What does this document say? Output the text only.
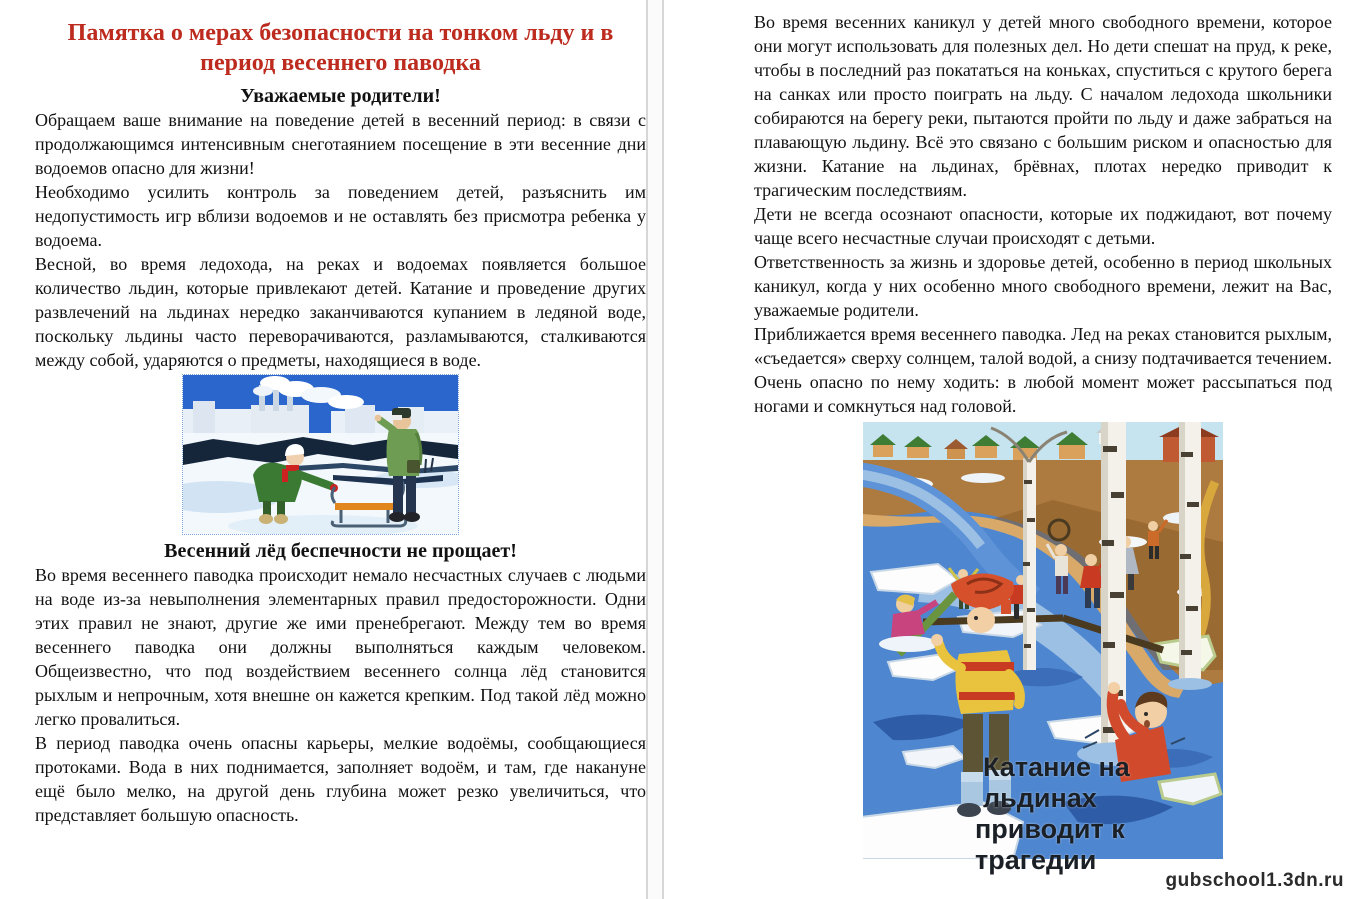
Памятка о мерах безопасности на тонком льду и в период весеннего паводка
Уважаемые родители!

Обращаем ваше внимание на поведение детей в весенний период: в связи с продолжающимся интенсивным снеготаянием посещение в эти весенние дни водоемов опасно для жизни!

Необходимо усилить контроль за поведением детей, разъяснить им недопустимость игр вблизи водоемов и не оставлять без присмотра ребенка у водоема.

Весной, во время ледохода, на реках и водоемах появляется большое количество льдин, которые привлекают детей. Катание и проведение других развлечений на льдинах нередко заканчиваются купанием в ледяной воде, поскольку льдины часто переворачиваются, разламываются, сталкиваются между собой, ударяются о предметы, находящиеся в воде.

Весенний лёд беспечности не прощает!

Во время весеннего паводка происходит немало несчастных случаев с людьми на воде из-за невыполнения элементарных правил предосторожности. Одни этих правил не знают, другие же ими пренебрегают. Между тем во время весеннего паводка они должны выполняться каждым человеком. Общеизвестно, что под воздействием весеннего солнца лёд становится рыхлым и непрочным, хотя внешне он кажется крепким. Под такой лёд можно легко провалиться.

В период паводка очень опасны карьеры, мелкие водоёмы, сообщающиеся протоками. Вода в них поднимается, заполняет водоём, и там, где накануне ещё было мелко, на другой день глубина может резко увеличиться, что представляет большую опасность.

Во время весенних каникул у детей много свободного времени, которое они могут использовать для полезных дел. Но дети спешат на пруд, к реке, чтобы в последний раз покататься на коньках, спуститься с крутого берега на санках или просто поиграть на льду. С началом ледохода школьники собираются на берегу реки, пытаются пройти по льду и даже забраться на плавающую льдину. Всё это связано с большим риском и опасностью для жизни. Катание на льдинах, брёвнах, плотах нередко приводит к трагическим последствиям.

Дети не всегда осознают опасности, которые их поджидают, вот почему чаще всего несчастные случаи происходят с детьми.

Ответственность за жизнь и здоровье детей, особенно в период школьных каникул, когда у них особенно много свободного времени, лежит на Вас, уважаемые родители.

Приближается время весеннего паводка. Лед на реках становится рыхлым, «съедается» сверху солнцем, талой водой, а снизу подтачивается течением. Очень опасно по нему ходить: в любой момент может рассыпаться под ногами и сомкнуться над головой.

Катание на льдинах
приводит к трагедии
gubschool1.3dn.ru
